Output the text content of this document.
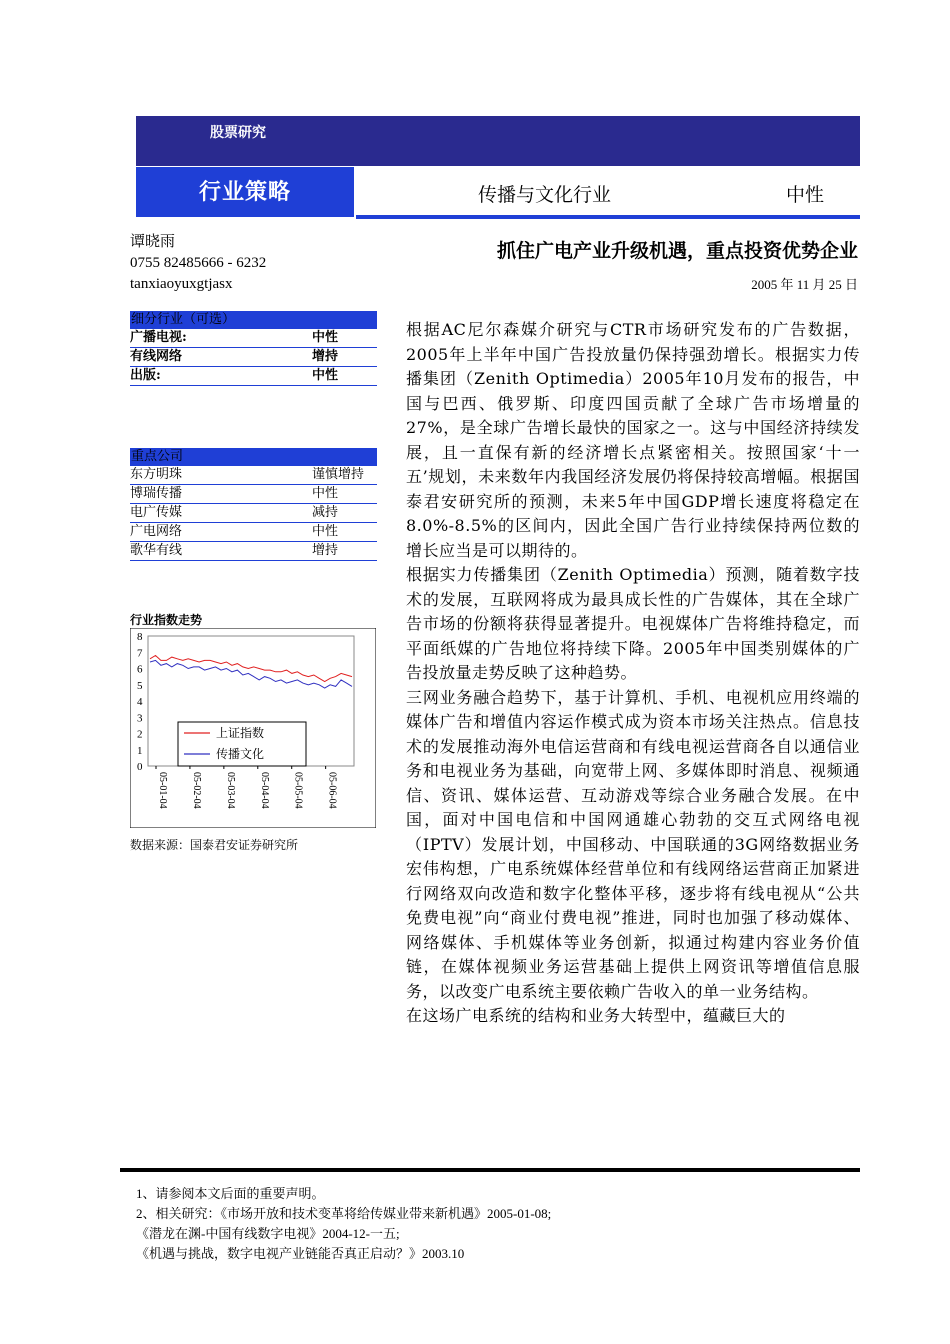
股票研究
行业策略	传播与文化行业	中性
谭晓雨
0755 82485666 - 6232
tanxiaoyuxgtjasx
抓住广电产业升级机遇，重点投资优势企业
2005 年 11 月 25 日
细分行业（可选）	
广播电视:	中性
有线网络	增持
出版:	中性
重点公司	
东方明珠	谨慎增持
博瑞传播	中性
电广传媒	减持
广电网络	中性
歌华有线	增持
行业指数走势
0
1
2
3
4
5
6
7
8
05-01-04 05-02-04 05-03-04 05-04-04 05-05-04 05-06-04
上证指数
传播文化
数据来源：国泰君安证券研究所

根据AC尼尔森媒介研究与CTR市场研究发布的广告数据，2005年上半年中国广告投放量仍保持强劲增长。根据实力传播集团（Zenith Optimedia）2005年10月发布的报告，中国与巴西、俄罗斯、印度四国贡献了全球广告市场增量的27%，是全球广告增长最快的国家之一。这与中国经济持续发展，且一直保有新的经济增长点紧密相关。按照国家‘十一五’规划，未来数年内我国经济发展仍将保持较高增幅。根据国泰君安研究所的预测，未来5年中国GDP增长速度将稳定在8.0%-8.5%的区间内，因此全国广告行业持续保持两位数的增长应当是可以期待的。

根据实力传播集团（Zenith Optimedia）预测，随着数字技术的发展，互联网将成为最具成长性的广告媒体，其在全球广告市场的份额将获得显著提升。电视媒体广告将维持稳定，而平面纸媒的广告地位将持续下降。2005年中国类别媒体的广告投放量走势反映了这种趋势。

三网业务融合趋势下，基于计算机、手机、电视机应用终端的媒体广告和增值内容运作模式成为资本市场关注热点。信息技术的发展推动海外电信运营商和有线电视运营商各自以通信业务和电视业务为基础，向宽带上网、多媒体即时消息、视频通信、资讯、媒体运营、互动游戏等综合业务融合发展。在中国，面对中国电信和中国网通雄心勃勃的交互式网络电视（IPTV）发展计划，中国移动、中国联通的3G网络数据业务宏伟构想，广电系统媒体经营单位和有线网络运营商正加紧进行网络双向改造和数字化整体平移，逐步将有线电视从“公共免费电视”向“商业付费电视”推进，同时也加强了移动媒体、网络媒体、手机媒体等业务创新，拟通过构建内容业务价值链，在媒体视频业务运营基础上提供上网资讯等增值信息服务，以改变广电系统主要依赖广告收入的单一业务结构。

在这场广电系统的结构和业务大转型中，蕴藏巨大的

1、请参阅本文后面的重要声明。
2、相关研究：《市场开放和技术变革将给传媒业带来新机遇》2005-01-08;
《潜龙在渊-中国有线数字电视》2004-12-一五;
《机遇与挑战，数字电视产业链能否真正启动？》2003.10
